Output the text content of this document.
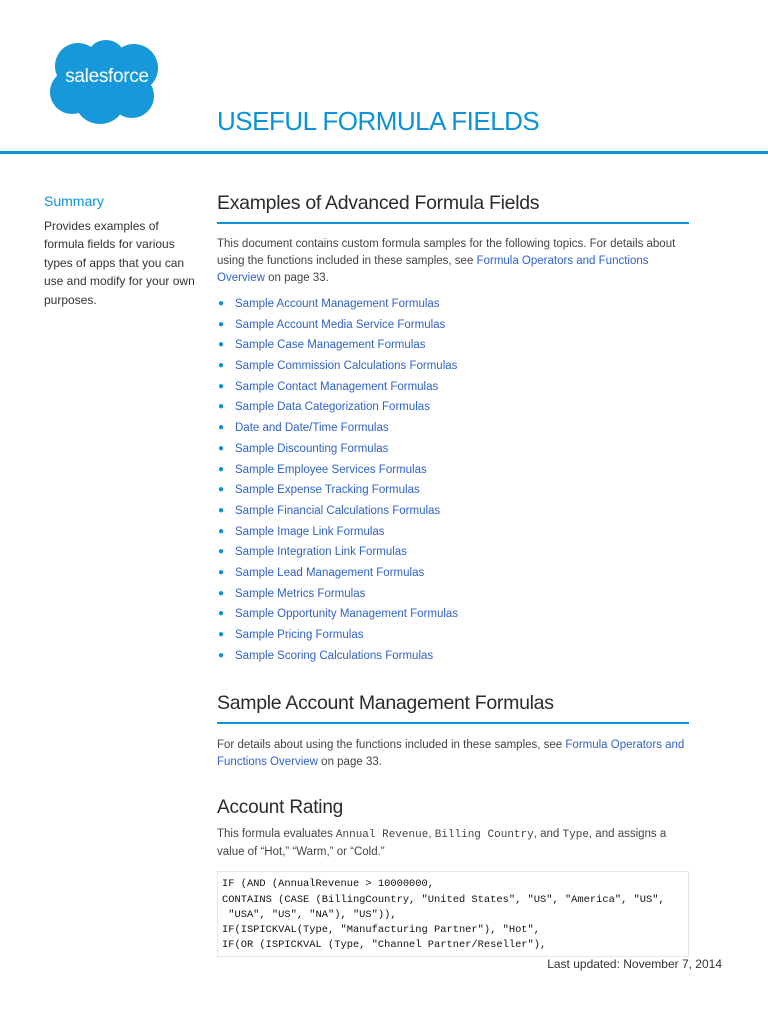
salesforce
USEFUL FORMULA FIELDS
Summary

Provides examples of formula fields for various types of apps that you can use and modify for your own purposes.

Examples of Advanced Formula Fields

This document contains custom formula samples for the following topics. For details about using the functions included in these samples, see Formula Operators and Functions Overview on page 33.

● Sample Account Management Formulas
● Sample Account Media Service Formulas
● Sample Case Management Formulas
● Sample Commission Calculations Formulas
● Sample Contact Management Formulas
● Sample Data Categorization Formulas
● Date and Date/Time Formulas
● Sample Discounting Formulas
● Sample Employee Services Formulas
● Sample Expense Tracking Formulas
● Sample Financial Calculations Formulas
● Sample Image Link Formulas
● Sample Integration Link Formulas
● Sample Lead Management Formulas
● Sample Metrics Formulas
● Sample Opportunity Management Formulas
● Sample Pricing Formulas
● Sample Scoring Calculations Formulas
Sample Account Management Formulas

For details about using the functions included in these samples, see Formula Operators and Functions Overview on page 33.

Account Rating

This formula evaluates Annual Revenue, Billing Country, and Type, and assigns a value of “Hot,” “Warm,” or “Cold.”

IF (AND (AnnualRevenue > 10000000,
CONTAINS (CASE (BillingCountry, "United States", "US", "America", "US",
"USA", "US", "NA"), "US")),
IF(ISPICKVAL(Type, "Manufacturing Partner"), "Hot",
IF(OR (ISPICKVAL (Type, "Channel Partner/Reseller"),
Last updated: November 7, 2014
